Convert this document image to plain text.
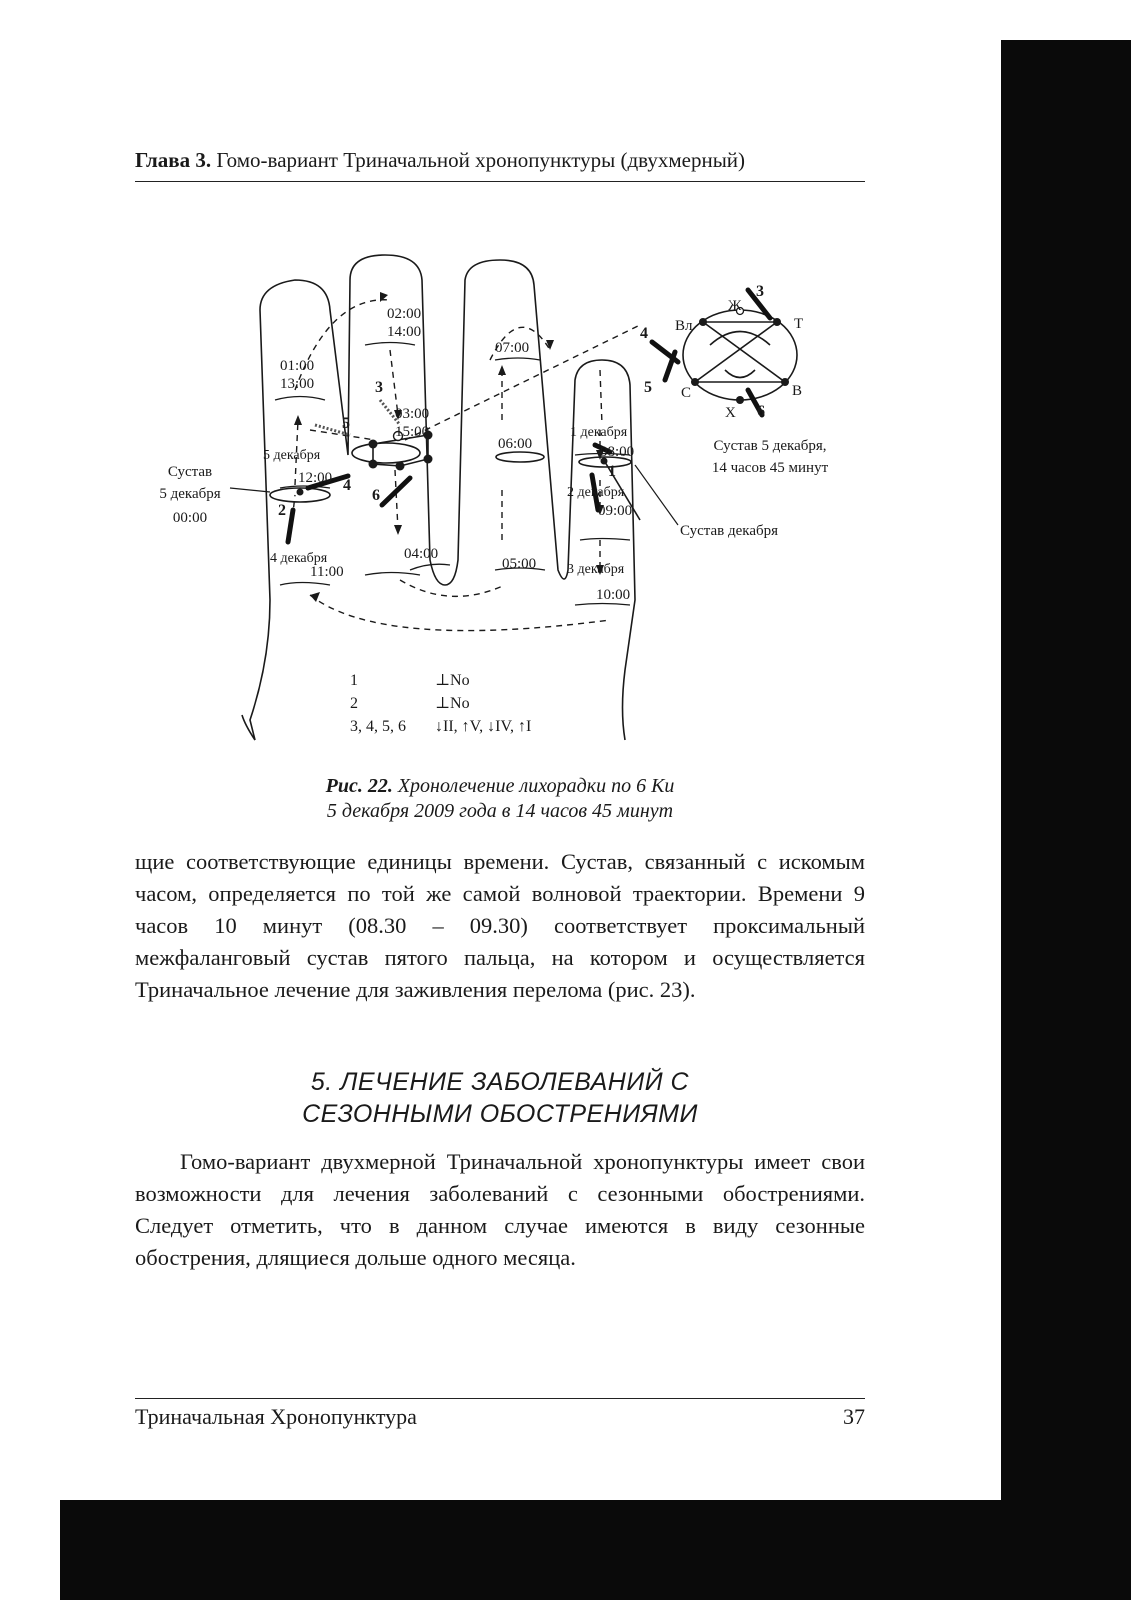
Глава 3. Гомо-вариант Триначальной хронопунктуры (двухмерный)
01:00
13:00
02:00
14:00
03:00
15:00
04:00
05:00
06:00
07:00
08:00
09:00
10:00
11:00
12:00
5 декабря
4 декабря
1 декабря
2 декабря
3 декабря
Сустав
5 декабря
00:00
Сустав 5 декабря,
14 часов 45 минут
Сустав декабря
1
2
3
4
5
6
3
4
5
6
Ж
Т
Вл
С	В
Х
1	⊥No
2	⊥No
3, 4, 5, 6 ↓II, ↑V, ↓IV, ↑I
Рис. 22. Хронолечение лихорадки по 6 Ки
5 декабря 2009 года в 14 часов 45 минут
щие соответствующие единицы времени. Сустав, связанный с искомым часом, определяется по той же самой волновой траектории. Времени 9 часов 10 минут (08.30 – 09.30) соответствует проксимальный межфаланговый сустав пятого пальца, на котором и осуществляется Триначальное лечение для заживления перелома (рис. 23).
5. ЛЕЧЕНИЕ ЗАБОЛЕВАНИЙ С
СЕЗОННЫМИ ОБОСТРЕНИЯМИ
Гомо-вариант двухмерной Триначальной хронопунктуры имеет свои возможности для лечения заболеваний с сезонными обострениями. Следует отметить, что в данном случае имеются в виду сезонные обострения, длящиеся дольше одного месяца.
Триначальная Хронопунктура	37
